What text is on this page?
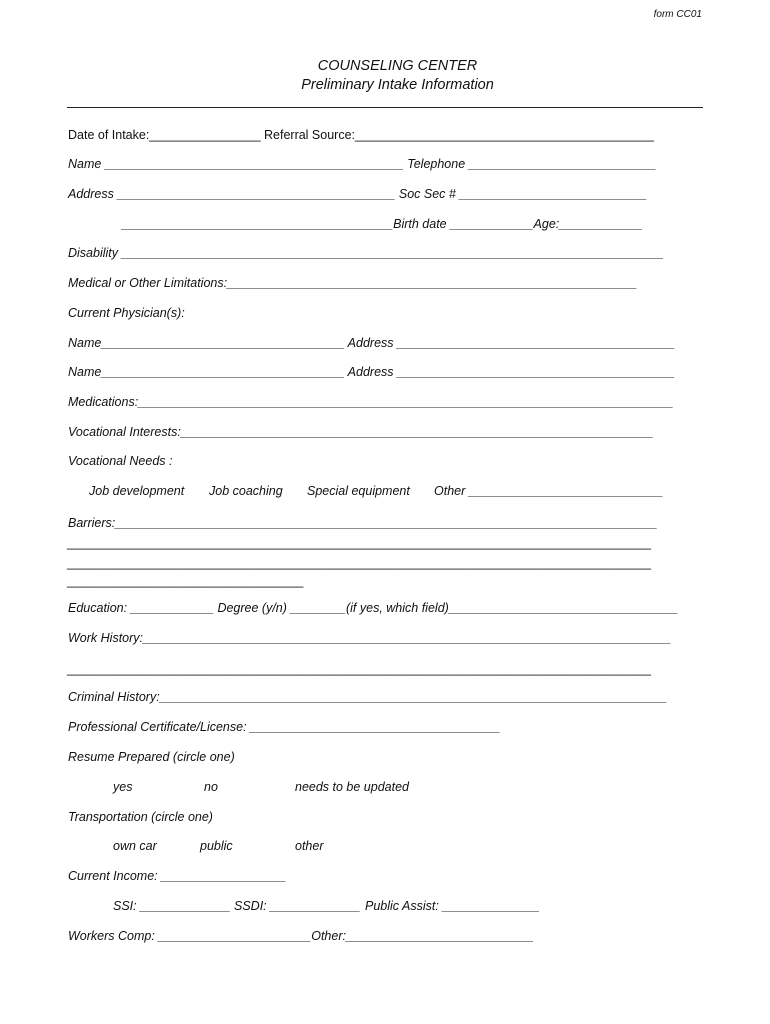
form CC01
COUNSELING CENTER
Preliminary Intake Information
Date of Intake:________________ Referral Source:___________________________________________
Name ___________________________________________ Telephone ___________________________
Address ________________________________________ Soc Sec # ___________________________
_______________________________________Birth date ____________Age:____________
Disability ______________________________________________________________________________
Medical or Other Limitations:___________________________________________________________
Current Physician(s):
Name___________________________________ Address ________________________________________
Name___________________________________ Address ________________________________________
Medications:_____________________________________________________________________________
Vocational Interests:____________________________________________________________________
Vocational Needs :
Job development Job coaching Special equipment Other ____________________________
Barriers:______________________________________________________________________________
____________________________________________________________________________________
____________________________________________________________________________________
__________________________________
Education: ____________ Degree (y/n) ________(if yes, which field)_________________________________
Work History:____________________________________________________________________________
____________________________________________________________________________________
Criminal History:_________________________________________________________________________
Professional Certificate/License: ____________________________________
Resume Prepared (circle one)
yes	no	needs to be updated
Transportation (circle one)
own car	public	other
Current Income: __________________
SSI: _____________ SSDI: _____________ Public Assist: ______________
Workers Comp: ______________________Other:___________________________
